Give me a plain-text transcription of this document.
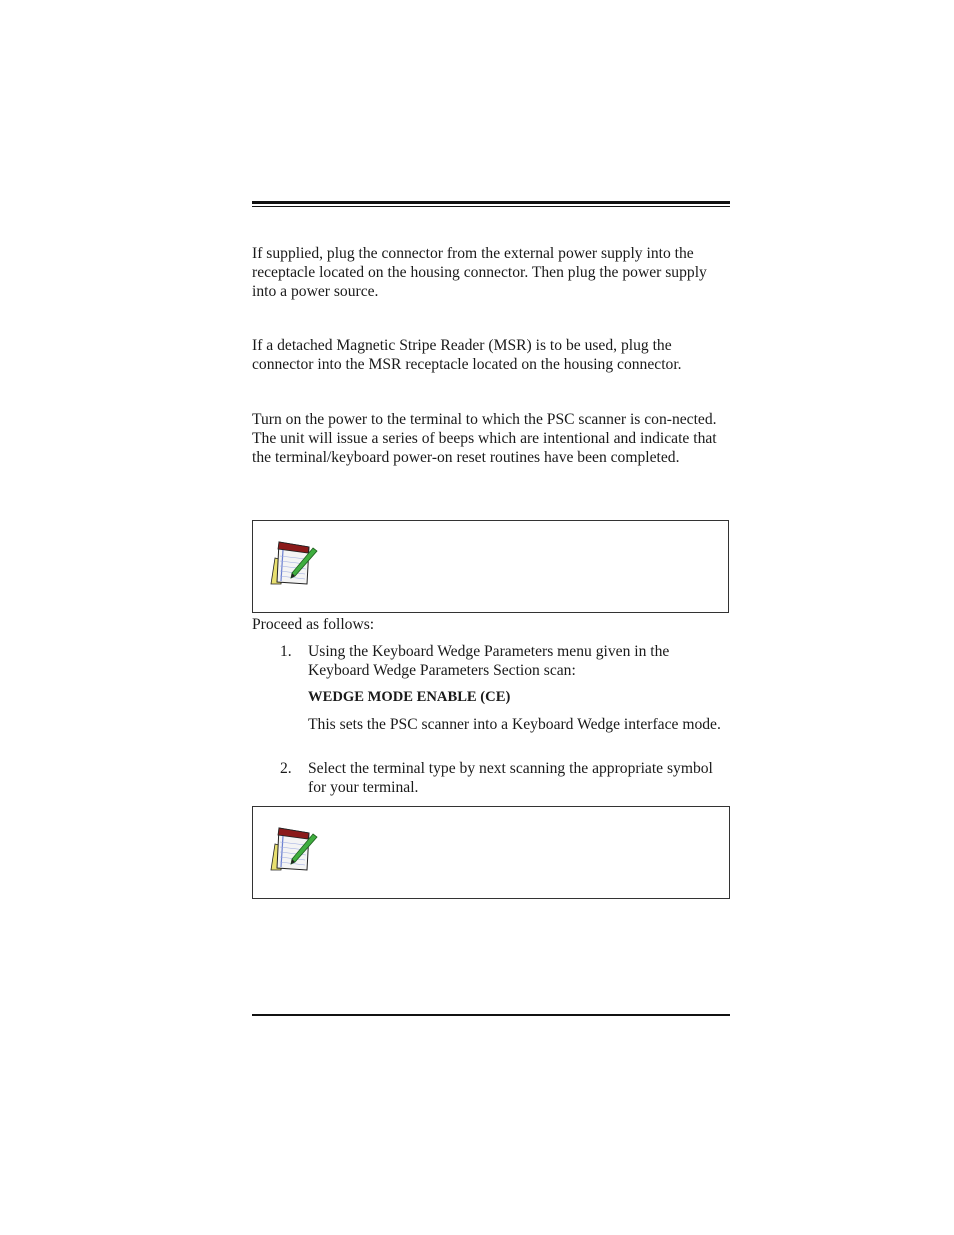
If supplied, plug the connector from the external power supply into the receptacle located on the housing connector. Then plug the power supply into a power source.

If a detached Magnetic Stripe Reader (MSR) is to be used, plug the connector into the MSR receptacle located on the housing connector.

Turn on the power to the terminal to which the PSC scanner is con-nected. The unit will issue a series of beeps which are intentional and indicate that the terminal/keyboard power-on reset routines have been completed.

Proceed as follows:

1. Using the Keyboard Wedge Parameters menu given in the Keyboard Wedge Parameters Section scan:

WEDGE MODE ENABLE (CE)

This sets the PSC scanner into a Keyboard Wedge interface mode.

2. Select the terminal type by next scanning the appropriate symbol for your terminal.
